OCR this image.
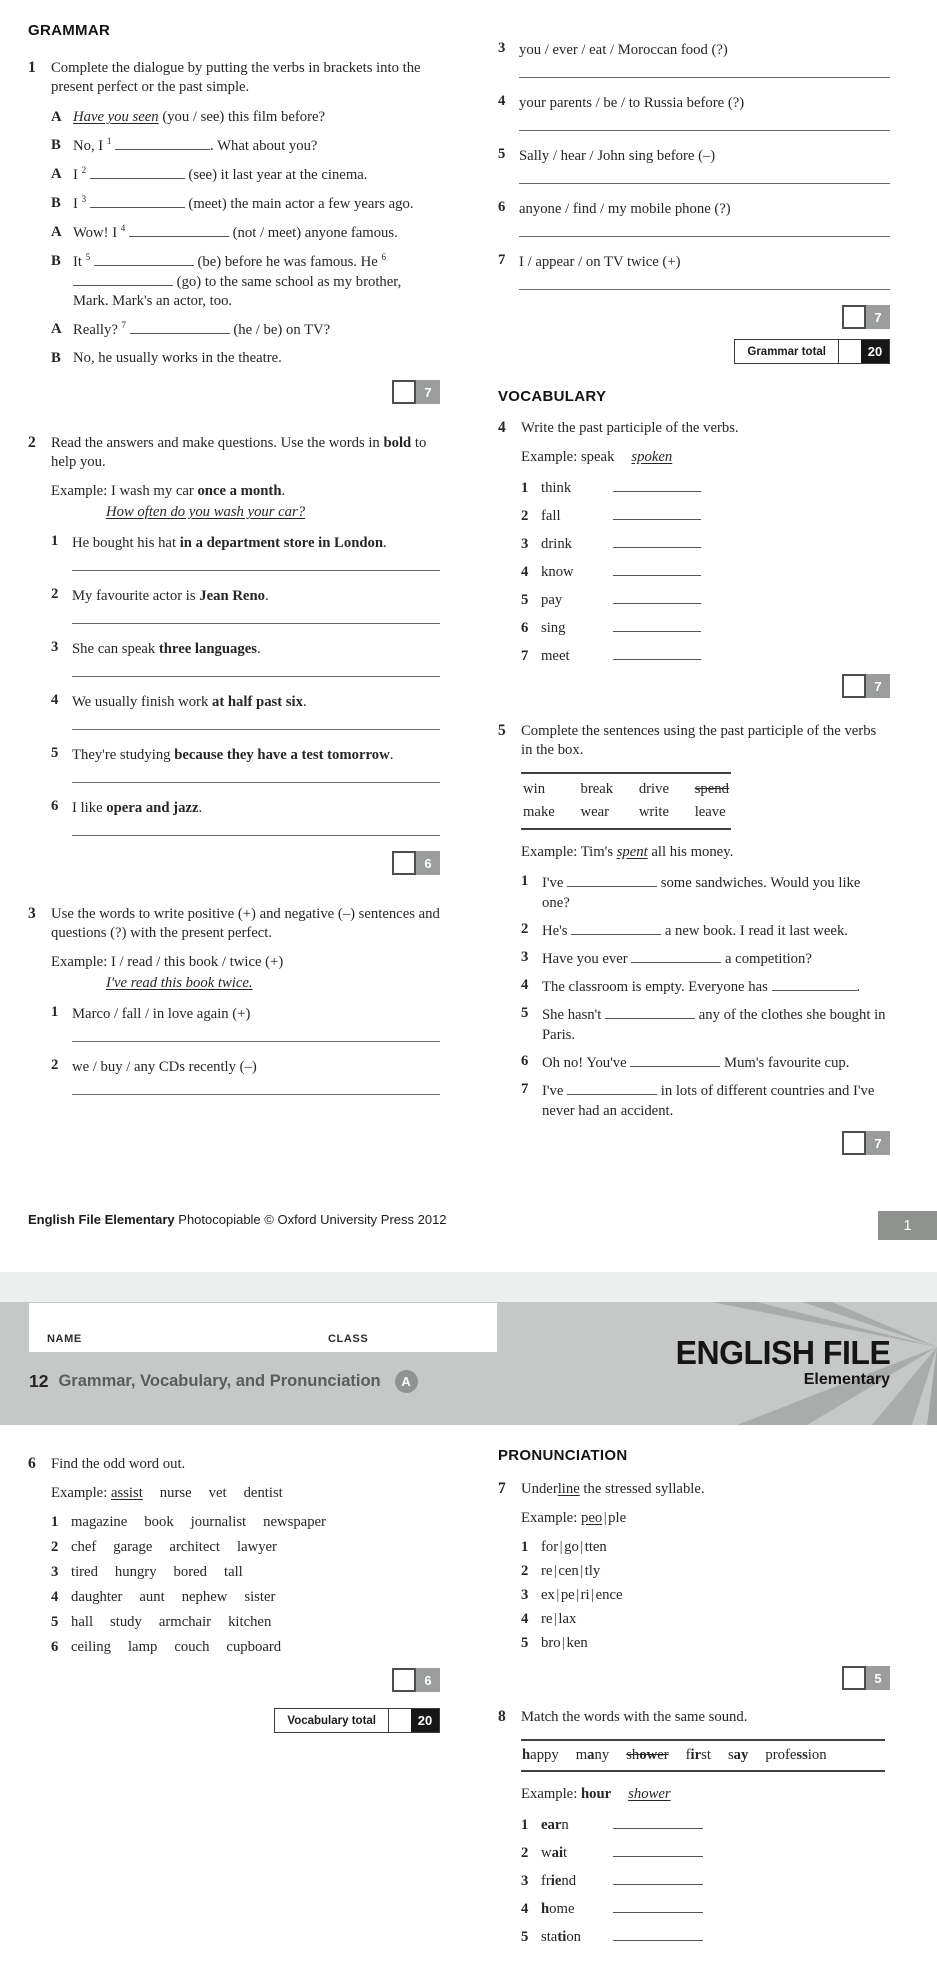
GRAMMAR
1	Complete the dialogue by putting the verbs in brackets into the present perfect or the past simple.

A Have you seen (you / see) this film before?
B No, I $^1$	. What about you?
A I $^2$	(see) it last year at the cinema.
B I $^3$	(meet) the main actor a few years ago.
A Wow! I $^4$	(not / meet) anyone famous.
B It $^5$	(be) before he was famous. He $^6$  (go) to the same school as my brother, Mark. Mark's an actor, too.
A Really? $^7$	(he / be) on TV?
B No, he usually works in the theatre.
7
2	Read the answers and make questions. Use the words in bold to help you.

Example: I wash my car once a month.
How often do you wash your car?
1 He bought his hat in a department store in London.
2 My favourite actor is Jean Reno.
3 She can speak three languages.
4 We usually finish work at half past six.
5 They're studying because they have a test tomorrow.
6 I like opera and jazz.
6
3	Use the words to write positive (+) and negative (–) sentences and questions (?) with the present perfect.

Example: I / read / this book / twice (+)
I've read this book twice.
1 Marco / fall / in love again (+)
2 we / buy / any CDs recently (–)
3 you / ever / eat / Moroccan food (?)
4 your parents / be / to Russia before (?)
5 Sally / hear / John sing before (–)
6 anyone / find / my mobile phone (?)
7 I / appear / on TV twice (+)
7
Grammar total	20
VOCABULARY
4	Write the past participle of the verbs.

Example: speak spoken
1 think
2 fall
3 drink
4 know
5 pay
6 sing
7 meet
7
5	Complete the sentences using the past participle of the verbs in the box.

win	break drive spend
make wear write leave
Example: Tim's spent all his money.
1 I've	some sandwiches. Would you like one?
2 He's	a new book. I read it last week.
3 Have you ever	a competition?
4 The classroom is empty. Everyone has	.
5 She hasn't	any of the clothes she bought in Paris.
6 Oh no! You've	Mum's favourite cup.
7 I've	in lots of different countries and I've never had an accident.
7
English File Elementary Photocopiable © Oxford University Press 2012	1
NAME	CLASS
12 Grammar, Vocabulary, and Pronunciation	A
ENGLISH FILE
Elementary
6	Find the odd word out.

Example: assist nurse vet dentist
1 magazine book journalist newspaper
2 chef garage architect lawyer
3 tired hungry bored tall
4 daughter aunt nephew sister
5 hall study armchair kitchen
6 ceiling lamp couch cupboard
6
Vocabulary total	20
PRONUNCIATION
7	Underline the stressed syllable.

Example: peo | ple
1 for | go | tten
2 re | cen | tly
3 ex | pe | ri | ence
4 re | lax
5 bro | ken
5
8	Match the words with the same sound.

happy many shower first say profession
Example: hour shower
1 earn
2 wait
3 friend
4 home
5 station
